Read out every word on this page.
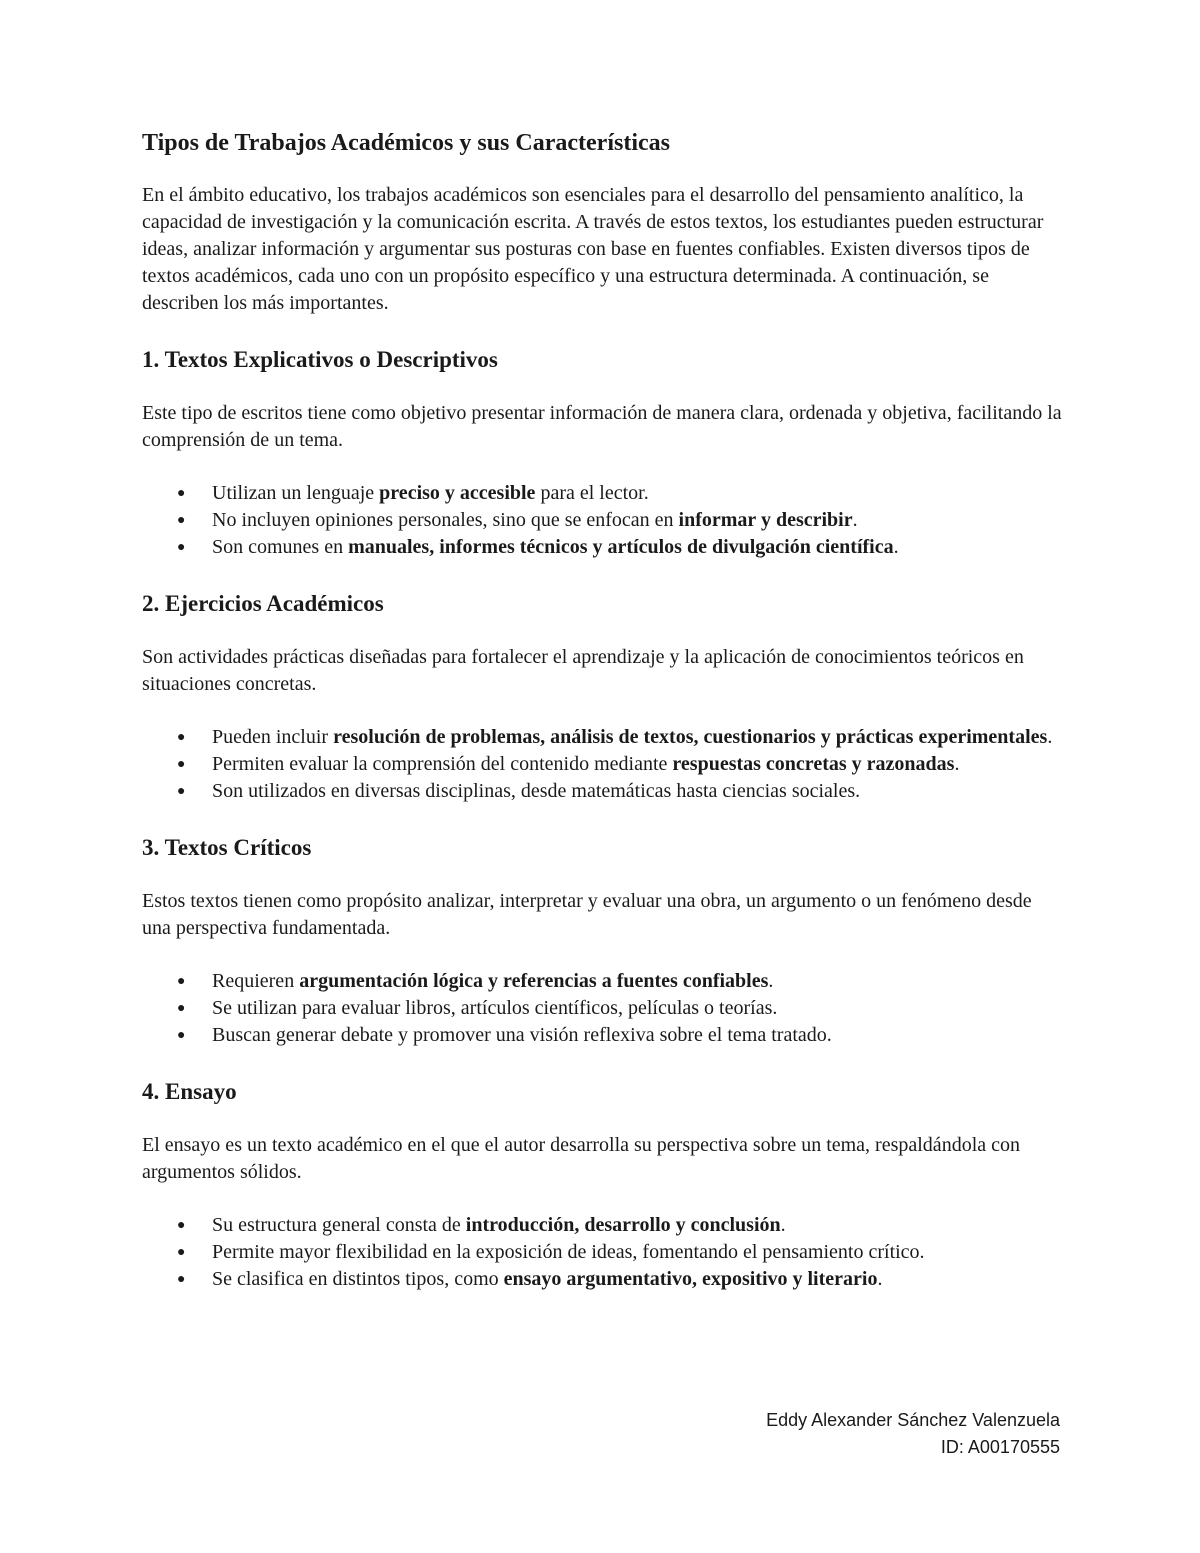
Tipos de Trabajos Académicos y sus Características

En el ámbito educativo, los trabajos académicos son esenciales para el desarrollo del pensamiento analítico, la capacidad de investigación y la comunicación escrita. A través de estos textos, los estudiantes pueden estructurar ideas, analizar información y argumentar sus posturas con base en fuentes confiables. Existen diversos tipos de textos académicos, cada uno con un propósito específico y una estructura determinada. A continuación, se describen los más importantes.

1. Textos Explicativos o Descriptivos

Este tipo de escritos tiene como objetivo presentar información de manera clara, ordenada y objetiva, facilitando la comprensión de un tema.

● Utilizan un lenguaje preciso y accesible para el lector.
● No incluyen opiniones personales, sino que se enfocan en informar y describir.
● Son comunes en manuales, informes técnicos y artículos de divulgación científica.
2. Ejercicios Académicos

Son actividades prácticas diseñadas para fortalecer el aprendizaje y la aplicación de conocimientos teóricos en situaciones concretas.

● Pueden incluir resolución de problemas, análisis de textos, cuestionarios y prácticas experimentales.
● Permiten evaluar la comprensión del contenido mediante respuestas concretas y razonadas.
● Son utilizados en diversas disciplinas, desde matemáticas hasta ciencias sociales.
3. Textos Críticos

Estos textos tienen como propósito analizar, interpretar y evaluar una obra, un argumento o un fenómeno desde una perspectiva fundamentada.

● Requieren argumentación lógica y referencias a fuentes confiables.
● Se utilizan para evaluar libros, artículos científicos, películas o teorías.
● Buscan generar debate y promover una visión reflexiva sobre el tema tratado.
4. Ensayo

El ensayo es un texto académico en el que el autor desarrolla su perspectiva sobre un tema, respaldándola con argumentos sólidos.

● Su estructura general consta de introducción, desarrollo y conclusión.
● Permite mayor flexibilidad en la exposición de ideas, fomentando el pensamiento crítico.
● Se clasifica en distintos tipos, como ensayo argumentativo, expositivo y literario.
Eddy Alexander Sánchez Valenzuela
ID: A00170555
